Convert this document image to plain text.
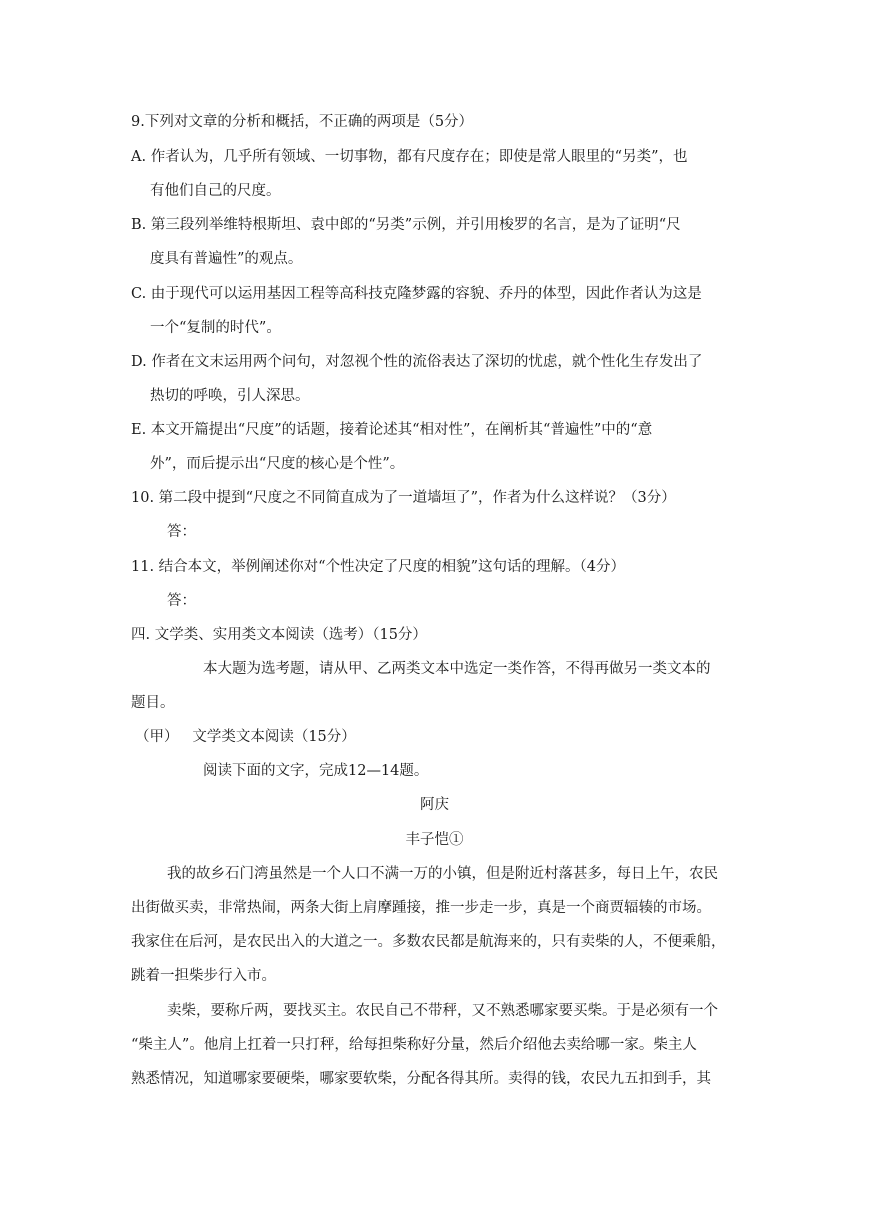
9.下列对文章的分析和概括，不正确的两项是（5分）
A. 作者认为，几乎所有领域、一切事物，都有尺度存在；即使是常人眼里的“另类”，也
有他们自己的尺度。
B. 第三段列举维特根斯坦、袁中郎的“另类”示例，并引用梭罗的名言，是为了证明“尺
度具有普遍性”的观点。
C. 由于现代可以运用基因工程等高科技克隆梦露的容貌、乔丹的体型，因此作者认为这是
一个“复制的时代”。
D. 作者在文末运用两个问句，对忽视个性的流俗表达了深切的忧虑，就个性化生存发出了
热切的呼唤，引人深思。
E. 本文开篇提出“尺度”的话题，接着论述其“相对性”，在阐析其“普遍性”中的“意
外”，而后提示出“尺度的核心是个性”。
10. 第二段中提到“尺度之不同简直成为了一道墙垣了”，作者为什么这样说？（3分）
答：
11. 结合本文，举例阐述你对“个性决定了尺度的相貌”这句话的理解。（4分）
答：
四. 文学类、实用类文本阅读（选考）（15分）
本大题为选考题，请从甲、乙两类文本中选定一类作答，不得再做另一类文本的
题目。
（甲）   文学类文本阅读（15分）
阅读下面的文字，完成12—14题。
阿庆
丰子恺①
我的故乡石门湾虽然是一个人口不满一万的小镇，但是附近村落甚多，每日上午，农民
出街做买卖，非常热闹，两条大街上肩摩踵接，推一步走一步，真是一个商贾辐辏的市场。
我家住在后河，是农民出入的大道之一。多数农民都是航海来的，只有卖柴的人，不便乘船，
跳着一担柴步行入市。
卖柴，要称斤两，要找买主。农民自己不带秤，又不熟悉哪家要买柴。于是必须有一个
“柴主人”。他肩上扛着一只打秤，给每担柴称好分量，然后介绍他去卖给哪一家。柴主人
熟悉情况，知道哪家要硬柴，哪家要软柴，分配各得其所。卖得的钱，农民九五扣到手，其
